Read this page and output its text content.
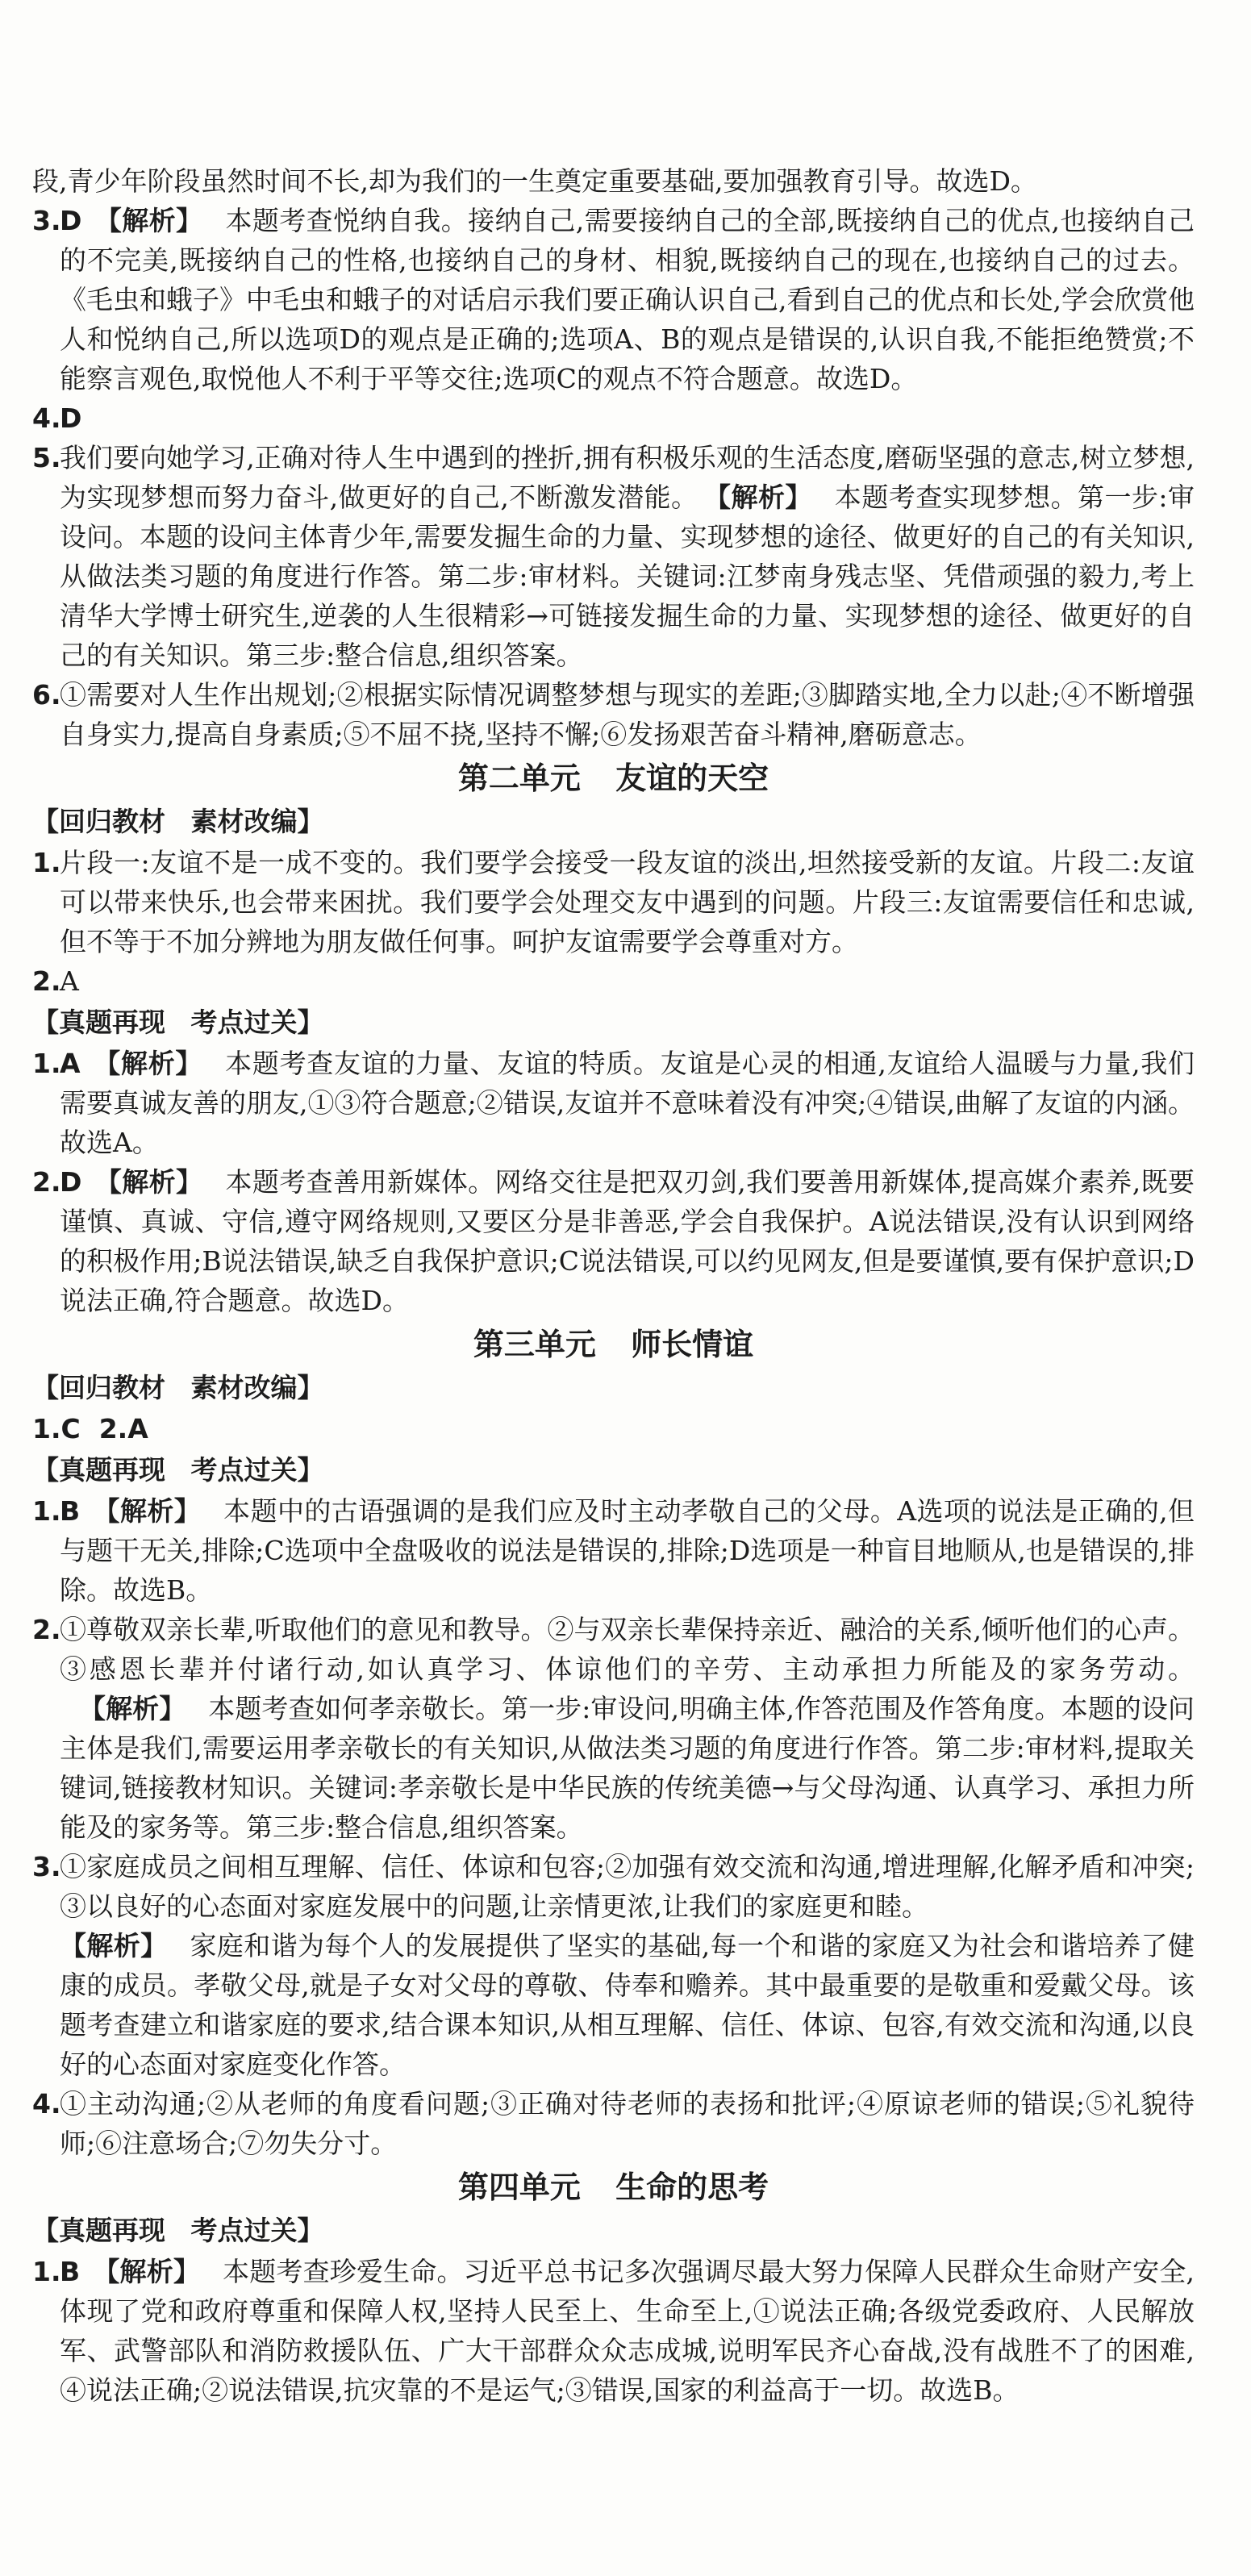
段,青少年阶段虽然时间不长,却为我们的一生奠定重要基础,要加强教育引导。故选D。

3.
D 【解析】 本题考查悦纳自我。接纳自己,需要接纳自己的全部,既接纳自己的优点,也接纳自己的不完美,既接纳自己的性格,也接纳自己的身材、相貌,既接纳自己的现在,也接纳自己的过去。《毛虫和蛾子》中毛虫和蛾子的对话启示我们要正确认识自己,看到自己的优点和长处,学会欣赏他人和悦纳自己,所以选项D的观点是正确的;选项A、B的观点是错误的,认识自我,不能拒绝赞赏;不能察言观色,取悦他人不利于平等交往;选项C的观点不符合题意。故选D。
4.
D
5.
我们要向她学习,正确对待人生中遇到的挫折,拥有积极乐观的生活态度,磨砺坚强的意志,树立梦想,为实现梦想而努力奋斗,做更好的自己,不断激发潜能。 【解析】 本题考查实现梦想。第一步:审设问。本题的设问主体青少年,需要发掘生命的力量、实现梦想的途径、做更好的自己的有关知识,从做法类习题的角度进行作答。第二步:审材料。关键词:江梦南身残志坚、凭借顽强的毅力,考上清华大学博士研究生,逆袭的人生很精彩→可链接发掘生命的力量、实现梦想的途径、做更好的自己的有关知识。第三步:整合信息,组织答案。
6.
①需要对人生作出规划;②根据实际情况调整梦想与现实的差距;③脚踏实地,全力以赴;④不断增强自身实力,提高自身素质;⑤不屈不挠,坚持不懈;⑥发扬艰苦奋斗精神,磨砺意志。
第二单元 友谊的天空
【回归教材 素材改编】
1.
片段一:友谊不是一成不变的。我们要学会接受一段友谊的淡出,坦然接受新的友谊。片段二:友谊可以带来快乐,也会带来困扰。我们要学会处理交友中遇到的问题。片段三:友谊需要信任和忠诚,但不等于不加分辨地为朋友做任何事。呵护友谊需要学会尊重对方。
2.
A
【真题再现 考点过关】
1.
A 【解析】 本题考查友谊的力量、友谊的特质。友谊是心灵的相通,友谊给人温暖与力量,我们需要真诚友善的朋友,①③符合题意;②错误,友谊并不意味着没有冲突;④错误,曲解了友谊的内涵。故选A。
2.
D 【解析】 本题考查善用新媒体。网络交往是把双刃剑,我们要善用新媒体,提高媒介素养,既要谨慎、真诚、守信,遵守网络规则,又要区分是非善恶,学会自我保护。A说法错误,没有认识到网络的积极作用;B说法错误,缺乏自我保护意识;C说法错误,可以约见网友,但是要谨慎,要有保护意识;D说法正确,符合题意。故选D。
第三单元 师长情谊
【回归教材 素材改编】
1.C  2.A
【真题再现 考点过关】
1.
B 【解析】 本题中的古语强调的是我们应及时主动孝敬自己的父母。A选项的说法是正确的,但与题干无关,排除;C选项中全盘吸收的说法是错误的,排除;D选项是一种盲目地顺从,也是错误的,排除。故选B。
2.
①尊敬双亲长辈,听取他们的意见和教导。②与双亲长辈保持亲近、融洽的关系,倾听他们的心声。③感恩长辈并付诸行动,如认真学习、体谅他们的辛劳、主动承担力所能及的家务劳动。【解析】 本题考查如何孝亲敬长。第一步:审设问,明确主体,作答范围及作答角度。本题的设问主体是我们,需要运用孝亲敬长的有关知识,从做法类习题的角度进行作答。第二步:审材料,提取关键词,链接教材知识。关键词:孝亲敬长是中华民族的传统美德→与父母沟通、认真学习、承担力所能及的家务等。第三步:整合信息,组织答案。
3.
①家庭成员之间相互理解、信任、体谅和包容;②加强有效交流和沟通,增进理解,化解矛盾和冲突;③以良好的心态面对家庭发展中的问题,让亲情更浓,让我们的家庭更和睦。

【解析】 家庭和谐为每个人的发展提供了坚实的基础,每一个和谐的家庭又为社会和谐培养了健康的成员。孝敬父母,就是子女对父母的尊敬、侍奉和赡养。其中最重要的是敬重和爱戴父母。该题考查建立和谐家庭的要求,结合课本知识,从相互理解、信任、体谅、包容,有效交流和沟通,以良好的心态面对家庭变化作答。

4.
①主动沟通;②从老师的角度看问题;③正确对待老师的表扬和批评;④原谅老师的错误;⑤礼貌待师;⑥注意场合;⑦勿失分寸。
第四单元 生命的思考
【真题再现 考点过关】
1.
B 【解析】 本题考查珍爱生命。习近平总书记多次强调尽最大努力保障人民群众生命财产安全,体现了党和政府尊重和保障人权,坚持人民至上、生命至上,①说法正确;各级党委政府、人民解放军、武警部队和消防救援队伍、广大干部群众众志成城,说明军民齐心奋战,没有战胜不了的困难,④说法正确;②说法错误,抗灾靠的不是运气;③错误,国家的利益高于一切。故选B。
